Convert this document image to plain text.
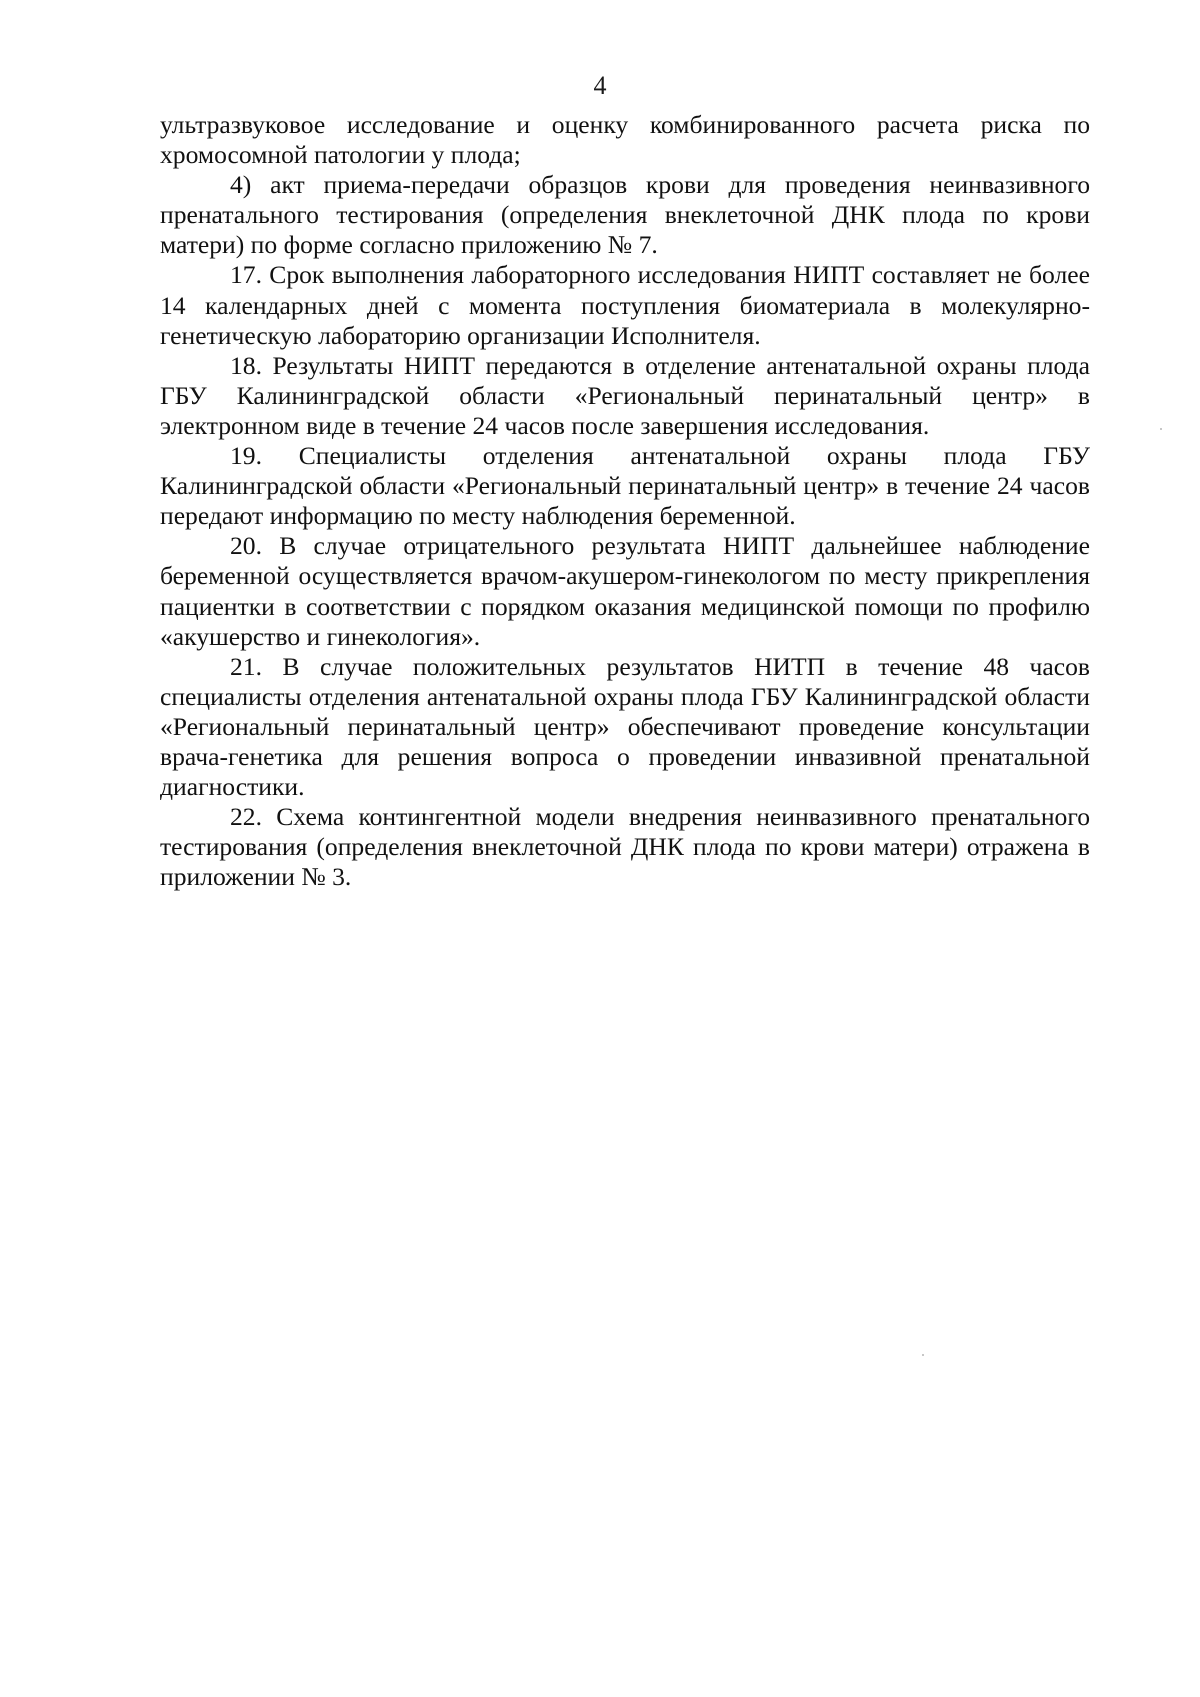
4

ультразвуковое исследование и оценку комбинированного расчета риска по хромосомной патологии у плода;

4) акт приема-передачи образцов крови для проведения неинвазивного пренатального тестирования (определения внеклеточной ДНК плода по крови матери) по форме согласно приложению № 7.

17. Срок выполнения лабораторного исследования НИПТ составляет не более 14 календарных дней с момента поступления биоматериала в молекулярно-генетическую лабораторию организации Исполнителя.

18. Результаты НИПТ передаются в отделение антенатальной охраны плода ГБУ Калининградской области «Региональный перинатальный центр» в электронном виде в течение 24 часов после завершения исследования.

19. Специалисты отделения антенатальной охраны плода ГБУ Калининградской области «Региональный перинатальный центр» в течение 24 часов передают информацию по месту наблюдения беременной.

20. В случае отрицательного результата НИПТ дальнейшее наблюдение беременной осуществляется врачом-акушером-гинекологом по месту прикрепления пациентки в соответствии с порядком оказания медицинской помощи по профилю «акушерство и гинекология».

21. В случае положительных результатов НИТП в течение 48 часов специалисты отделения антенатальной охраны плода ГБУ Калининградской области «Региональный перинатальный центр» обеспечивают проведение консультации врача-генетика для решения вопроса о проведении инвазивной пренатальной диагностики.

22. Схема контингентной модели внедрения неинвазивного пренатального тестирования (определения внеклеточной ДНК плода по крови матери) отражена в приложении № 3.
